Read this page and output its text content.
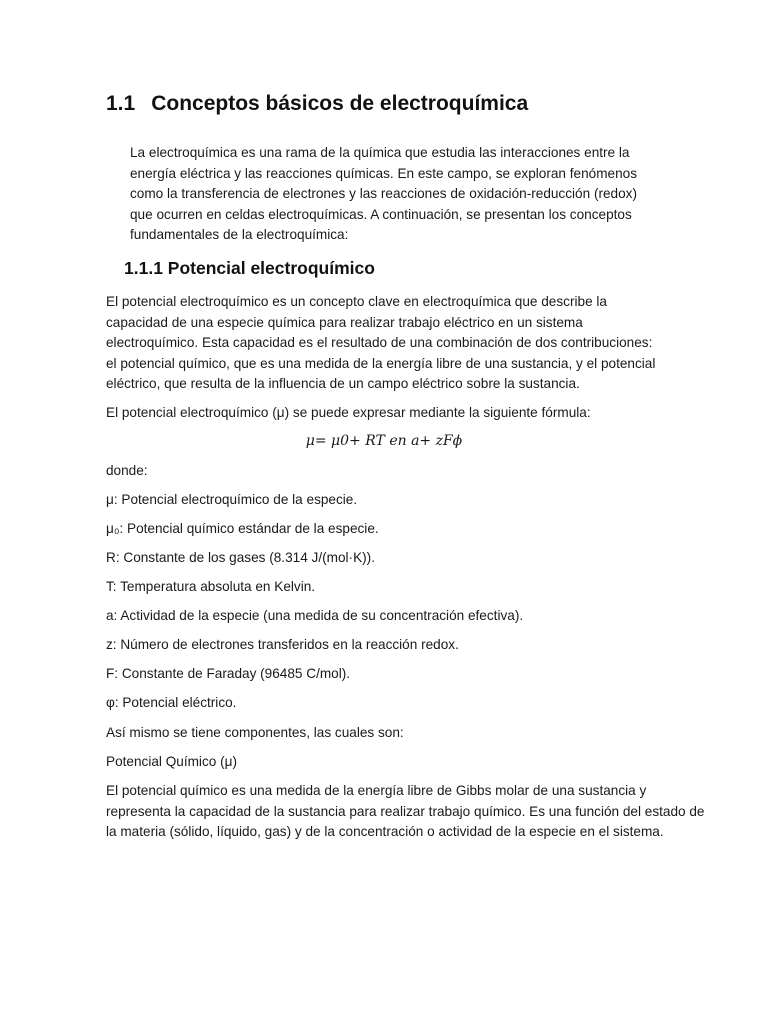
1.1 Conceptos básicos de electroquímica
La electroquímica es una rama de la química que estudia las interacciones entre la
energía eléctrica y las reacciones químicas. En este campo, se exploran fenómenos
como la transferencia de electrones y las reacciones de oxidación-reducción (redox)
que ocurren en celdas electroquímicas. A continuación, se presentan los conceptos
fundamentales de la electroquímica:
1.1.1 Potencial electroquímico
El potencial electroquímico es un concepto clave en electroquímica que describe la
capacidad de una especie química para realizar trabajo eléctrico en un sistema
electroquímico. Esta capacidad es el resultado de una combinación de dos contribuciones:
el potencial químico, que es una medida de la energía libre de una sustancia, y el potencial
eléctrico, que resulta de la influencia de un campo eléctrico sobre la sustancia.
El potencial electroquímico (μ) se puede expresar mediante la siguiente fórmula:
μ= μ0+ RT en a+ zFϕ
donde:
μ: Potencial electroquímico de la especie.
μ₀: Potencial químico estándar de la especie.
R: Constante de los gases (8.314 J/(mol·K)).
T: Temperatura absoluta en Kelvin.
a: Actividad de la especie (una medida de su concentración efectiva).
z: Número de electrones transferidos en la reacción redox.
F: Constante de Faraday (96485 C/mol).
φ: Potencial eléctrico.
Así mismo se tiene componentes, las cuales son:
Potencial Químico (μ)
El potencial químico es una medida de la energía libre de Gibbs molar de una sustancia y
representa la capacidad de la sustancia para realizar trabajo químico. Es una función del estado de
la materia (sólido, líquido, gas) y de la concentración o actividad de la especie en el sistema.
